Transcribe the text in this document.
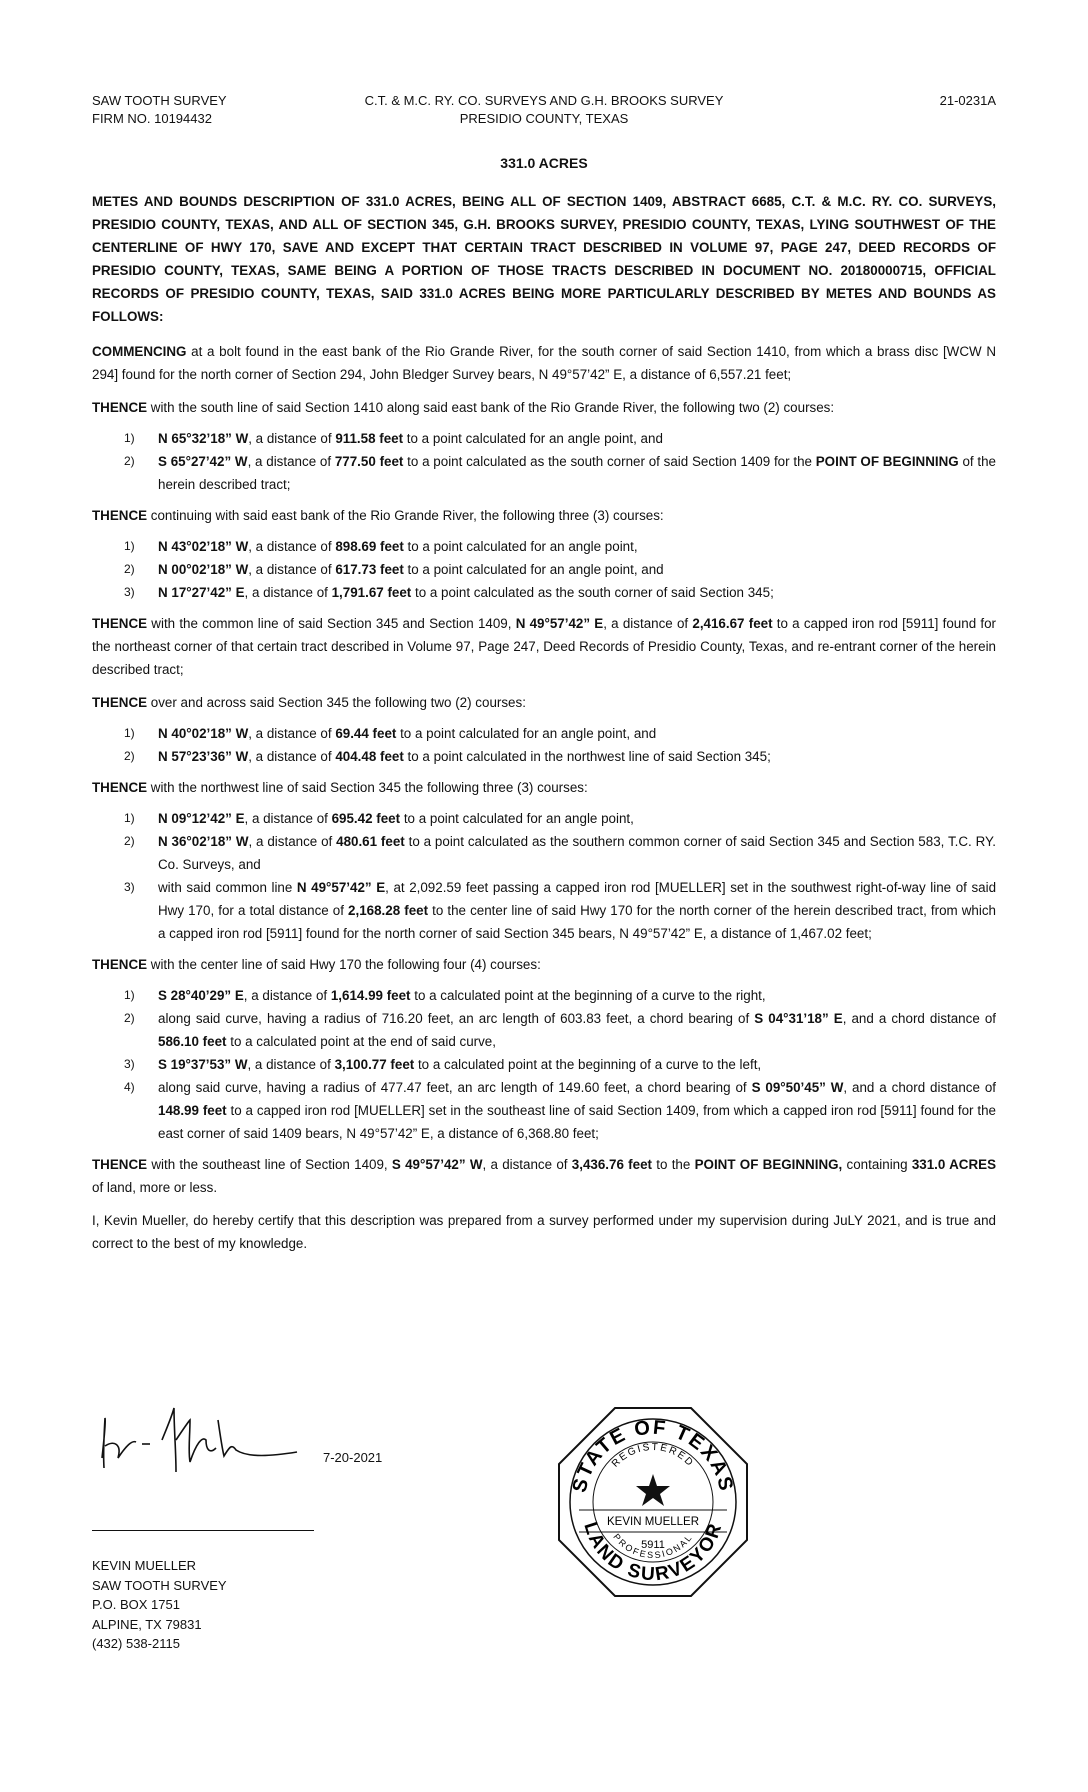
SAW TOOTH SURVEY
FIRM NO. 10194432
C.T. & M.C. RY. CO. SURVEYS AND G.H. BROOKS SURVEY
PRESIDIO COUNTY, TEXAS
21-0231A
331.0 ACRES

METES AND BOUNDS DESCRIPTION OF 331.0 ACRES, BEING ALL OF SECTION 1409, ABSTRACT 6685, C.T. & M.C. RY. CO. SURVEYS, PRESIDIO COUNTY, TEXAS, AND ALL OF SECTION 345, G.H. BROOKS SURVEY, PRESIDIO COUNTY, TEXAS, LYING SOUTHWEST OF THE CENTERLINE OF HWY 170, SAVE AND EXCEPT THAT CERTAIN TRACT DESCRIBED IN VOLUME 97, PAGE 247, DEED RECORDS OF PRESIDIO COUNTY, TEXAS, SAME BEING A PORTION OF THOSE TRACTS DESCRIBED IN DOCUMENT NO. 20180000715, OFFICIAL RECORDS OF PRESIDIO COUNTY, TEXAS, SAID 331.0 ACRES BEING MORE PARTICULARLY DESCRIBED BY METES AND BOUNDS AS FOLLOWS:

COMMENCING at a bolt found in the east bank of the Rio Grande River, for the south corner of said Section 1410, from which a brass disc [WCW N 294] found for the north corner of Section 294, John Bledger Survey bears, N 49°57’42” E, a distance of 6,557.21 feet;

THENCE with the south line of said Section 1410 along said east bank of the Rio Grande River, the following two (2) courses:

1)	N 65°32’18” W, a distance of 911.58 feet to a point calculated for an angle point, and
2)	S 65°27’42” W, a distance of 777.50 feet to a point calculated as the south corner of said Section 1409 for the POINT OF BEGINNING of the herein described tract;

THENCE continuing with said east bank of the Rio Grande River, the following three (3) courses:

1)	N 43°02’18” W, a distance of 898.69 feet to a point calculated for an angle point,
2)	N 00°02’18” W, a distance of 617.73 feet to a point calculated for an angle point, and
3)	N 17°27’42” E, a distance of 1,791.67 feet to a point calculated as the south corner of said Section 345;

THENCE with the common line of said Section 345 and Section 1409, N 49°57’42” E, a distance of 2,416.67 feet to a capped iron rod [5911] found for the northeast corner of that certain tract described in Volume 97, Page 247, Deed Records of Presidio County, Texas, and re-entrant corner of the herein described tract;

THENCE over and across said Section 345 the following two (2) courses:

1)	N 40°02’18” W, a distance of 69.44 feet to a point calculated for an angle point, and
2)	N 57°23’36” W, a distance of 404.48 feet to a point calculated in the northwest line of said Section 345;

THENCE with the northwest line of said Section 345 the following three (3) courses:

1)	N 09°12’42” E, a distance of 695.42 feet to a point calculated for an angle point,
2)	N 36°02’18” W, a distance of 480.61 feet to a point calculated as the southern common corner of said Section 345 and Section 583, T.C. RY. Co. Surveys, and
3)	with said common line N 49°57’42” E, at 2,092.59 feet passing a capped iron rod [MUELLER] set in the southwest right-of-way line of said Hwy 170, for a total distance of 2,168.28 feet to the center line of said Hwy 170 for the north corner of the herein described tract, from which a capped iron rod [5911] found for the north corner of said Section 345 bears, N 49°57’42” E, a distance of 1,467.02 feet;

THENCE with the center line of said Hwy 170 the following four (4) courses:

1)	S 28°40’29” E, a distance of 1,614.99 feet to a calculated point at the beginning of a curve to the right,
2)	along said curve, having a radius of 716.20 feet, an arc length of 603.83 feet, a chord bearing of S 04°31’18” E, and a chord distance of 586.10 feet to a calculated point at the end of said curve,
3)	S 19°37’53” W, a distance of 3,100.77 feet to a calculated point at the beginning of a curve to the left,
4)	along said curve, having a radius of 477.47 feet, an arc length of 149.60 feet, a chord bearing of S 09°50’45” W, and a chord distance of 148.99 feet to a capped iron rod [MUELLER] set in the southeast line of said Section 1409, from which a capped iron rod [5911] found for the east corner of said 1409 bears, N 49°57’42” E, a distance of 6,368.80 feet;

THENCE with the southeast line of Section 1409, S 49°57’42” W, a distance of 3,436.76 feet to the POINT OF BEGINNING, containing 331.0 ACRES of land, more or less.

I, Kevin Mueller, do hereby certify that this description was prepared from a survey performed under my supervision during JuLY 2021, and is true and correct to the best of my knowledge.

7-20-2021
KEVIN MUELLER
SAW TOOTH SURVEY
P.O. BOX 1751
ALPINE, TX 79831
(432) 538-2115
STATE OF TEXAS
REGISTERED
KEVIN MUELLER
5911
PROFESSIONAL
LAND SURVEYOR
